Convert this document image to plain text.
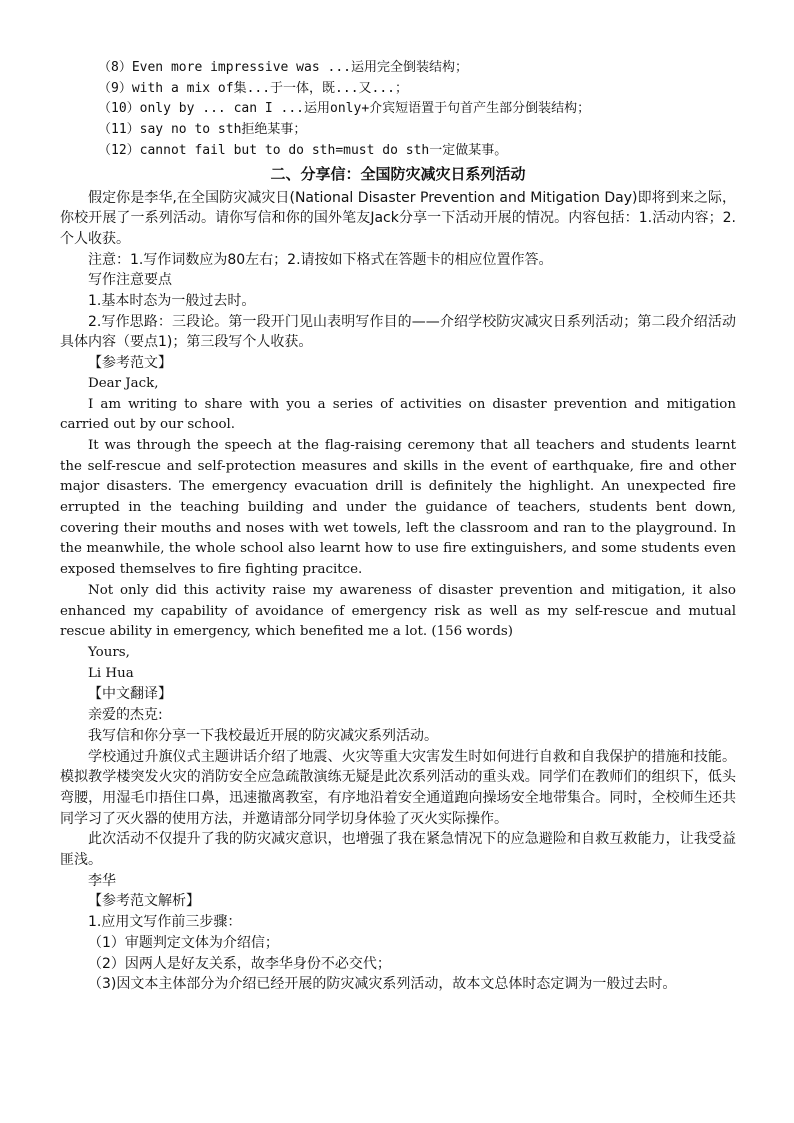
（8）Even more impressive was ...运用完全倒装结构；

（9）with a mix of集...于一体，既...又...；

（10）only by ... can I ...运用only+介宾短语置于句首产生部分倒装结构；

（11）say no to sth拒绝某事；

（12）cannot fail but to do sth=must do sth一定做某事。

二、分享信：全国防灾减灾日系列活动

假定你是李华,在全国防灾减灾日(National Disaster Prevention and Mitigation Day)即将到来之际，你校开展了一系列活动。请你写信和你的国外笔友Jack分享一下活动开展的情况。内容包括：1.活动内容；2.个人收获。

注意：1.写作词数应为80左右；2.请按如下格式在答题卡的相应位置作答。

写作注意要点

1.基本时态为一般过去时。

2.写作思路：三段论。第一段开门见山表明写作目的——介绍学校防灾减灾日系列活动；第二段介绍活动具体内容（要点1)；第三段写个人收获。

【参考范文】

Dear Jack,

I am writing to share with you a series of activities on disaster prevention and mitigation carried out by our school.

It was through the speech at the flag-raising ceremony that all teachers and students learnt the self-rescue and self-protection measures and skills in the event of earthquake, fire and other major disasters. The emergency evacuation drill is definitely the highlight. An unexpected fire errupted in the teaching building and under the guidance of teachers, students bent down, covering their mouths and noses with wet towels, left the classroom and ran to the playground. In the meanwhile, the whole school also learnt how to use fire extinguishers, and some students even exposed themselves to fire fighting pracitce.

Not only did this activity raise my awareness of disaster prevention and mitigation, it also enhanced my capability of avoidance of emergency risk as well as my self-rescue and mutual rescue ability in emergency, which benefited me a lot. (156 words)

Yours,

Li Hua

【中文翻译】

亲爱的杰克:

我写信和你分享一下我校最近开展的防灾减灾系列活动。

学校通过升旗仪式主题讲话介绍了地震、火灾等重大灾害发生时如何进行自救和自我保护的措施和技能。模拟教学楼突发火灾的消防安全应急疏散演练无疑是此次系列活动的重头戏。同学们在教师们的组织下，低头弯腰，用湿毛巾捂住口鼻，迅速撤离教室，有序地沿着安全通道跑向操场安全地带集合。同时，全校师生还共同学习了灭火器的使用方法，并邀请部分同学切身体验了灭火实际操作。

此次活动不仅提升了我的防灾减灾意识，也增强了我在紧急情况下的应急避险和自救互救能力，让我受益匪浅。

李华

【参考范文解析】

1.应用文写作前三步骤：

（1）审题判定文体为介绍信；

（2）因两人是好友关系，故李华身份不必交代；

（3)因文本主体部分为介绍已经开展的防灾减灾系列活动，故本文总体时态定调为一般过去时。
